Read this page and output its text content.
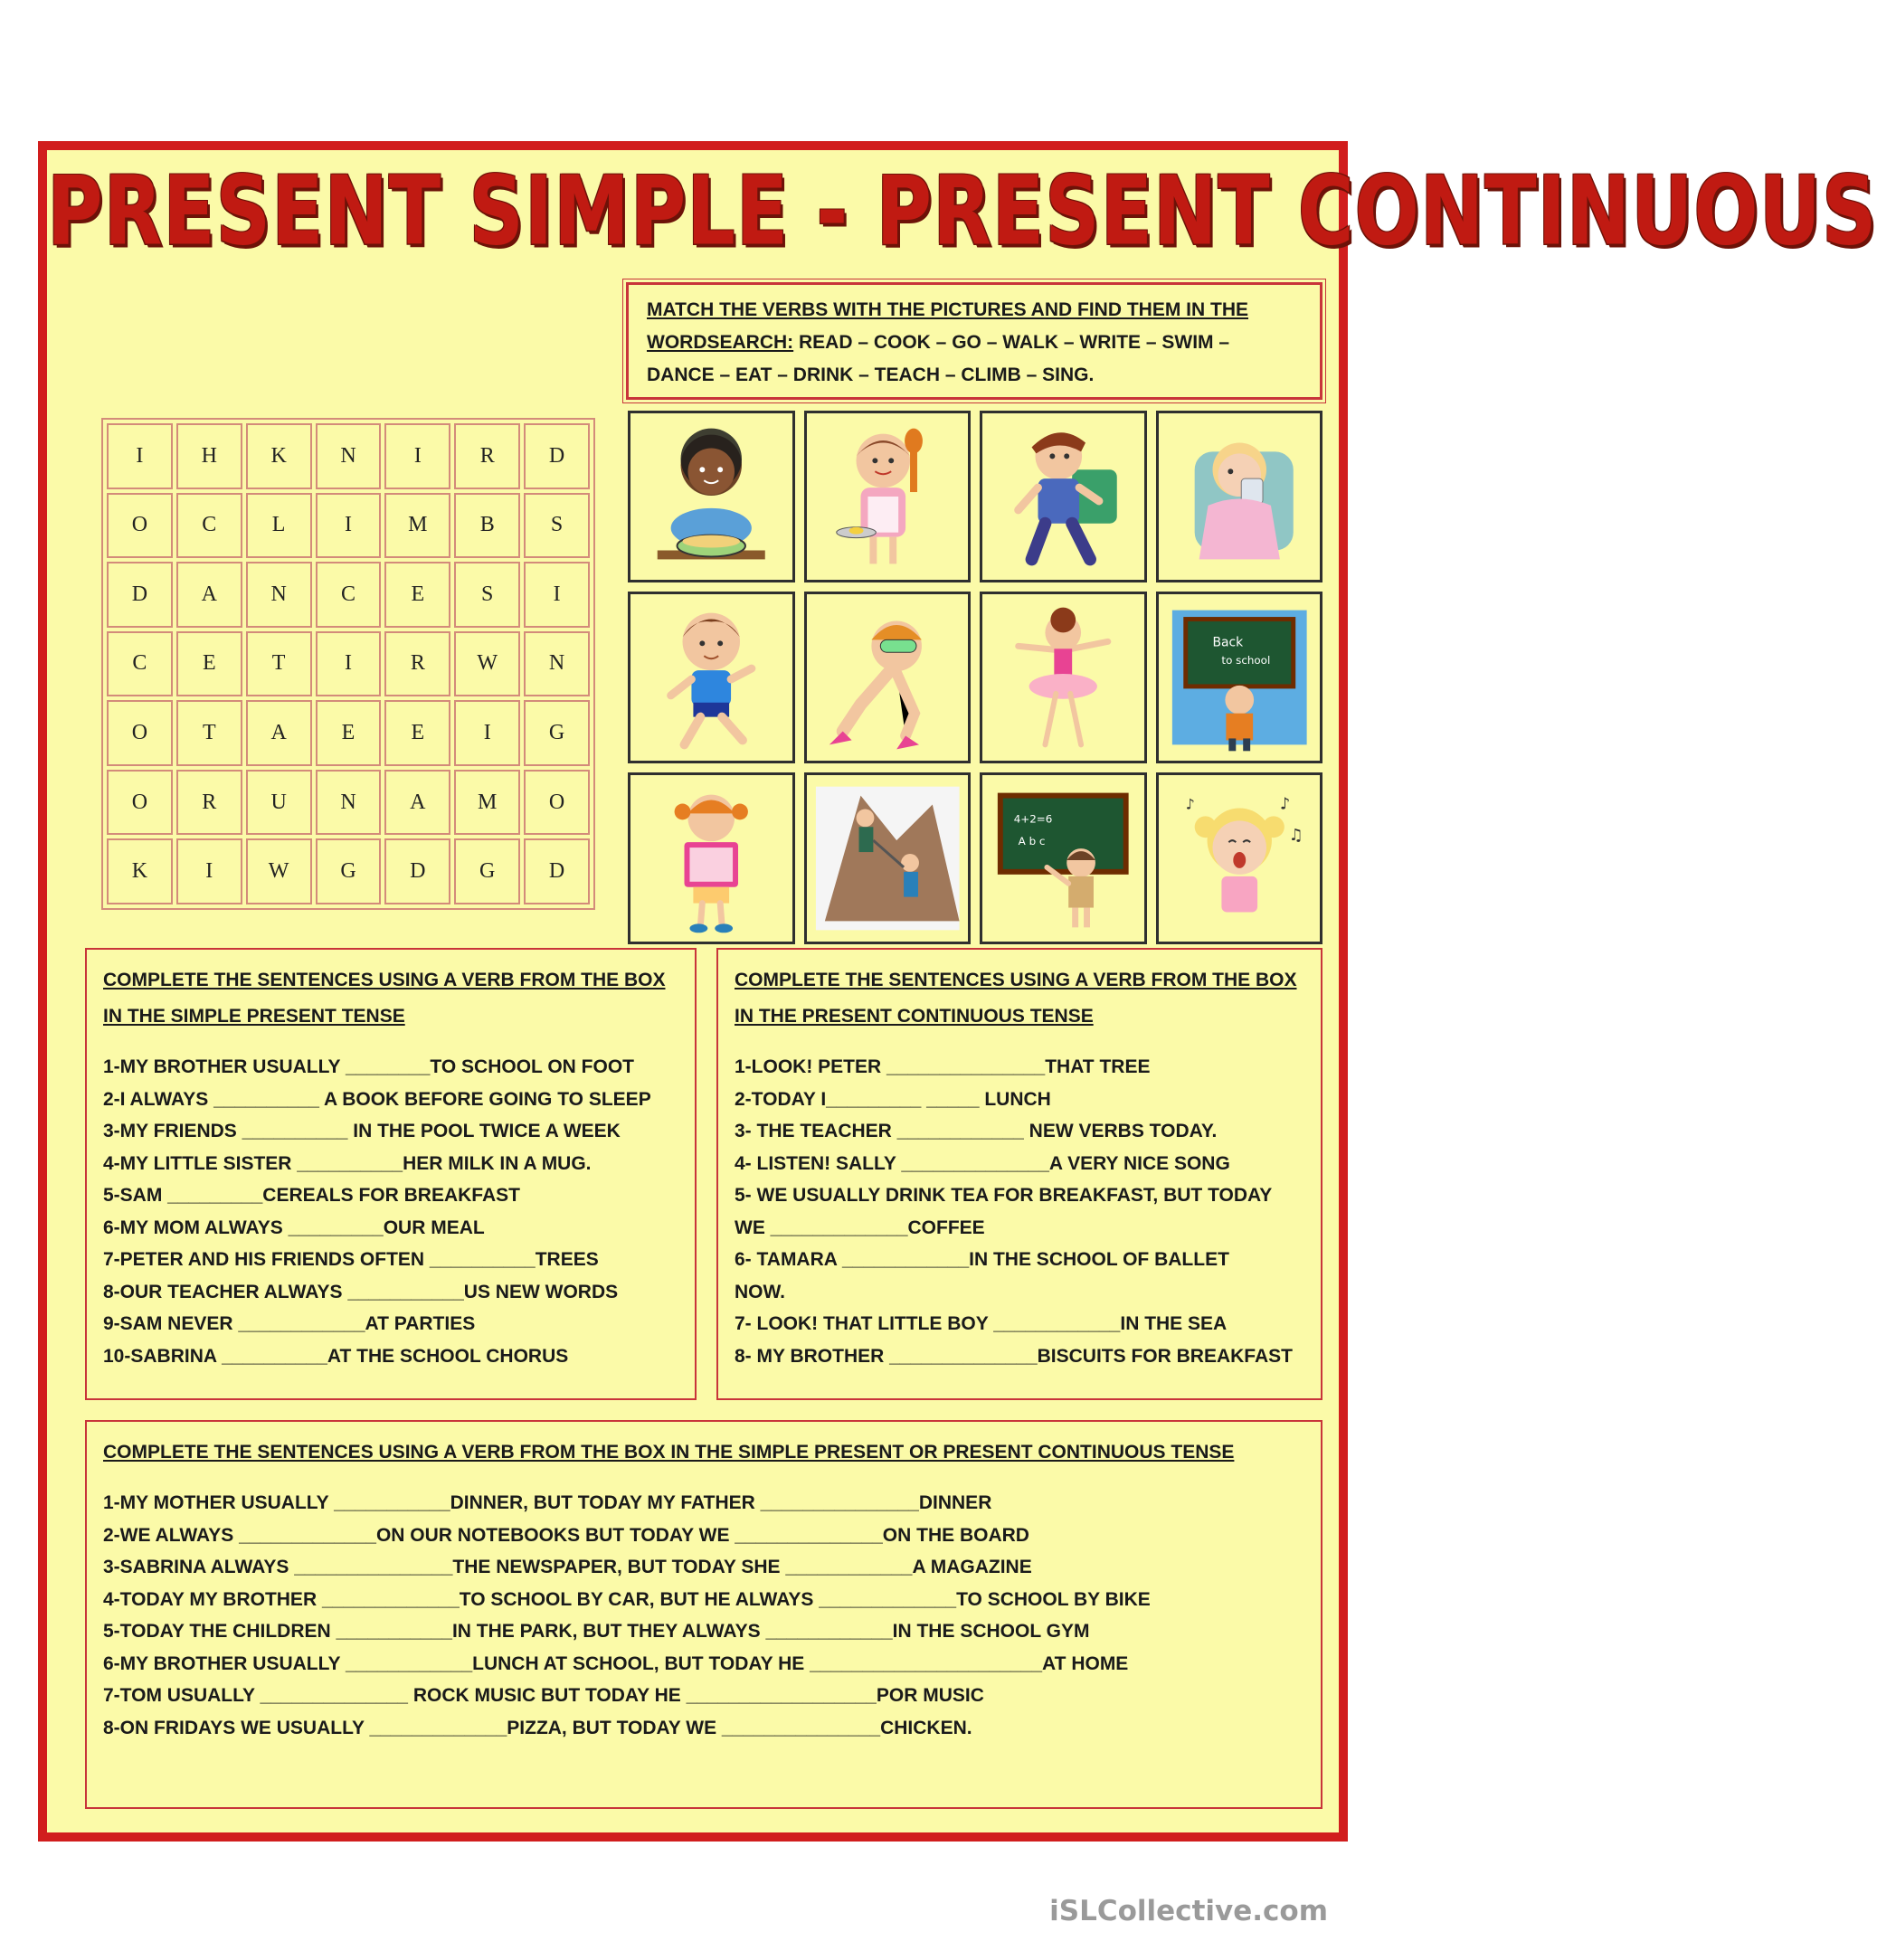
PRESENT SIMPLE - PRESENT CONTINUOUS
MATCH THE VERBS WITH THE PICTURES AND FIND THEM IN THE WORDSEARCH: READ – COOK – GO – WALK – WRITE – SWIM – DANCE – EAT – DRINK – TEACH – CLIMB – SING.
I	H	K	N	I	R	D
O	C	L	I	M	B	S
D	A	N	C	E	S	I
C	E	T	I	R	W	N
O	T	A	E	E	I	G
O	R	U	N	A	M	O
K	I	W	G	D	G	D
Back
to school
4+2=6
A b c
♪
♫
♪
COMPLETE THE SENTENCES USING A VERB FROM THE BOX IN THE SIMPLE PRESENT TENSE
1-MY BROTHER USUALLY ________TO SCHOOL ON FOOT
2-I ALWAYS __________ A BOOK BEFORE GOING TO SLEEP
3-MY FRIENDS __________ IN THE POOL TWICE A WEEK
4-MY LITTLE SISTER __________HER MILK IN A MUG.
5-SAM _________CEREALS FOR BREAKFAST
6-MY MOM ALWAYS _________OUR MEAL
7-PETER AND HIS FRIENDS OFTEN __________TREES
8-OUR TEACHER ALWAYS ___________US NEW WORDS
9-SAM NEVER ____________AT PARTIES
10-SABRINA __________AT THE SCHOOL CHORUS
COMPLETE THE SENTENCES USING A VERB FROM THE BOX IN THE PRESENT CONTINUOUS TENSE
1-LOOK! PETER _______________THAT TREE
2-TODAY I_________ _____ LUNCH
3- THE TEACHER ____________ NEW VERBS TODAY.
4- LISTEN! SALLY ______________A VERY NICE SONG
5- WE USUALLY DRINK TEA FOR BREAKFAST, BUT TODAY
WE _____________COFFEE
6- TAMARA ____________IN THE SCHOOL OF BALLET
NOW.
7- LOOK! THAT LITTLE BOY ____________IN THE SEA
8- MY BROTHER ______________BISCUITS FOR BREAKFAST
COMPLETE THE SENTENCES USING A VERB FROM THE BOX IN THE SIMPLE PRESENT OR PRESENT CONTINUOUS TENSE
1-MY MOTHER USUALLY ___________DINNER, BUT TODAY MY FATHER _______________DINNER
2-WE ALWAYS _____________ON OUR NOTEBOOKS BUT TODAY WE ______________ON THE BOARD
3-SABRINA ALWAYS _______________THE NEWSPAPER, BUT TODAY SHE ____________A MAGAZINE
4-TODAY MY BROTHER _____________TO SCHOOL BY CAR, BUT HE ALWAYS _____________TO SCHOOL BY BIKE
5-TODAY THE CHILDREN ___________IN THE PARK, BUT THEY ALWAYS ____________IN THE SCHOOL GYM
6-MY BROTHER USUALLY ____________LUNCH AT SCHOOL, BUT TODAY HE ______________________AT HOME
7-TOM USUALLY ______________ ROCK MUSIC BUT TODAY HE __________________POR MUSIC
8-ON FRIDAYS WE USUALLY _____________PIZZA, BUT TODAY WE _______________CHICKEN.
iSLCollective.com
